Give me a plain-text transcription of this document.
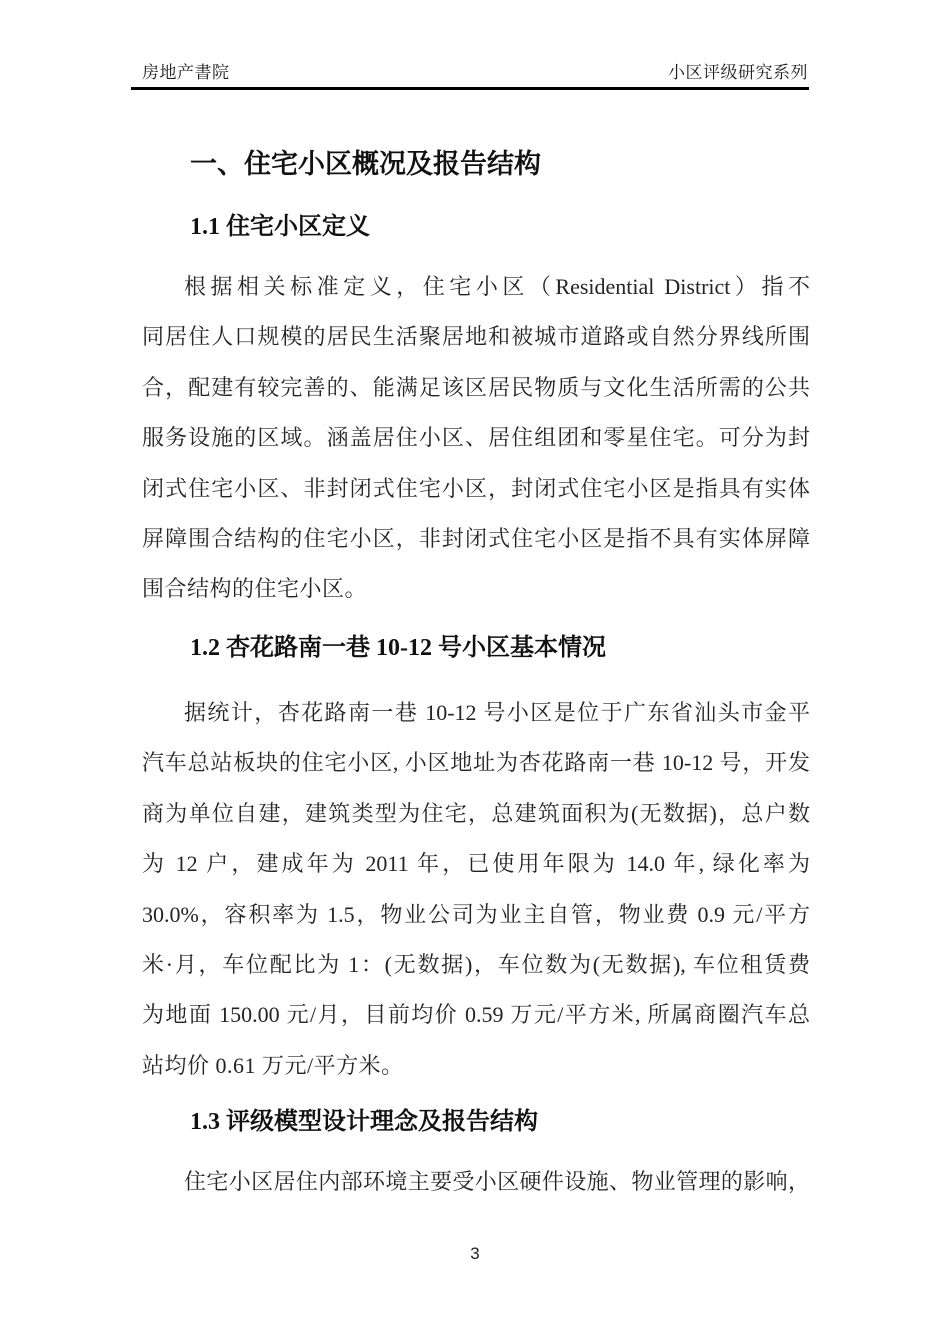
房地产書院	小区评级研究系列
一、住宅小区概况及报告结构
1.1 住宅小区定义
根据相关标准定义，住宅小区（Residential District）指不
同居住人口规模的居民生活聚居地和被城市道路或自然分界线所围
合，配建有较完善的、能满足该区居民物质与文化生活所需的公共
服务设施的区域。涵盖居住小区、居住组团和零星住宅。可分为封
闭式住宅小区、非封闭式住宅小区，封闭式住宅小区是指具有实体
屏障围合结构的住宅小区，非封闭式住宅小区是指不具有实体屏障
围合结构的住宅小区。
1.2 杏花路南一巷 10-12 号小区基本情况
据统计，杏花路南一巷 10-12 号小区是位于广东省汕头市金平
汽车总站板块的住宅小区, 小区地址为杏花路南一巷 10-12 号，开发
商为单位自建，建筑类型为住宅，总建筑面积为(无数据)，总户数
为 12 户，建成年为 2011 年，已使用年限为 14.0 年, 绿化率为
30.0%，容积率为 1.5，物业公司为业主自管，物业费 0.9 元/平方
米·月，车位配比为 1：(无数据)，车位数为(无数据), 车位租赁费
为地面 150.00 元/月，目前均价 0.59 万元/平方米, 所属商圈汽车总
站均价 0.61 万元/平方米。
1.3 评级模型设计理念及报告结构
住宅小区居住内部环境主要受小区硬件设施、物业管理的影响，
3
